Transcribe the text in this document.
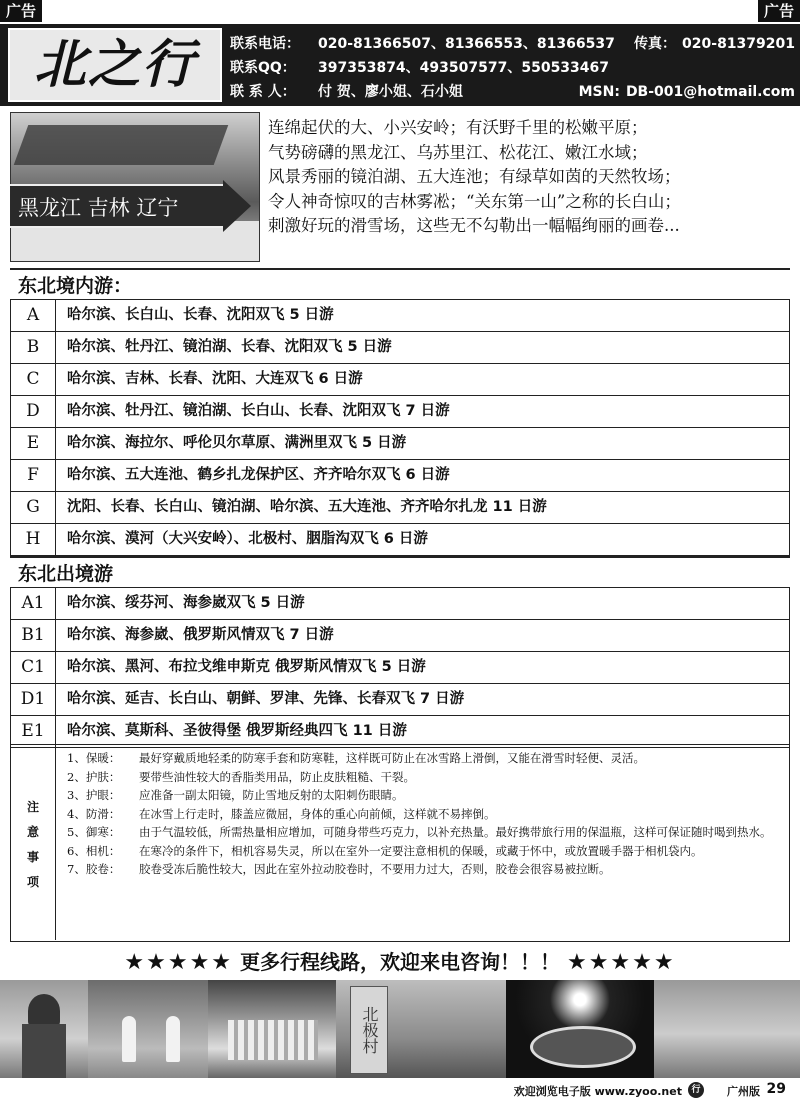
广告	广告
北之行	联系电话： 020-81366507、81366553、81366537 传真： 020-81379201
联系QQ： 397353874、493507577、550533467
联 系 人： 付 贺、廖小姐、石小姐	MSN: DB-001@hotmail.com
黑龙江 吉林 辽宁
连绵起伏的大、小兴安岭；有沃野千里的松嫩平原；
气势磅礴的黑龙江、乌苏里江、松花江、嫩江水域；
风景秀丽的镜泊湖、五大连池；有绿草如茵的天然牧场；
令人神奇惊叹的吉林雾凇；“关东第一山”之称的长白山；
刺激好玩的滑雪场，这些无不勾勒出一幅幅绚丽的画卷...
东北境内游：
A	哈尔滨、长白山、长春、沈阳双飞 5 日游
B	哈尔滨、牡丹江、镜泊湖、长春、沈阳双飞 5 日游
C	哈尔滨、吉林、长春、沈阳、大连双飞 6 日游
D	哈尔滨、牡丹江、镜泊湖、长白山、长春、沈阳双飞 7 日游
E	哈尔滨、海拉尔、呼伦贝尔草原、满洲里双飞 5 日游
F	哈尔滨、五大连池、鹤乡扎龙保护区、齐齐哈尔双飞 6 日游
G	沈阳、长春、长白山、镜泊湖、哈尔滨、五大连池、齐齐哈尔扎龙 11 日游
H	哈尔滨、漠河（大兴安岭）、北极村、胭脂沟双飞 6 日游
东北出境游
A1	哈尔滨、绥芬河、海参崴双飞 5 日游
B1	哈尔滨、海参崴、俄罗斯风情双飞 7 日游
C1	哈尔滨、黑河、布拉戈维申斯克 俄罗斯风情双飞 5 日游
D1	哈尔滨、延吉、长白山、朝鲜、罗津、先锋、长春双飞 7 日游
E1	哈尔滨、莫斯科、圣彼得堡 俄罗斯经典四飞 11 日游
注
意
事
项
1、保暖：	最好穿戴质地轻柔的防寒手套和防寒鞋，这样既可防止在冰雪路上滑倒，又能在滑雪时轻便、灵活。
2、护肤：	要带些油性较大的香脂类用品，防止皮肤粗糙、干裂。
3、护眼：	应准备一副太阳镜，防止雪地反射的太阳刺伤眼睛。
4、防滑：	在冰雪上行走时，膝盖应微屈，身体的重心向前倾，这样就不易摔倒。
5、御寒：	由于气温较低，所需热量相应增加，可随身带些巧克力，以补充热量。最好携带旅行用的保温瓶，这样可保证随时喝到热水。
6、相机：	在寒冷的条件下，相机容易失灵，所以在室外一定要注意相机的保暖，或藏于怀中，或放置暖手器于相机袋内。
7、胶卷：	胶卷受冻后脆性较大，因此在室外拉动胶卷时，不要用力过大，否则，胶卷会很容易被拉断。
★★★★★ 更多行程线路，欢迎来电咨询！！！ ★★★★★
北极村
欢迎浏览电子版 www.zyoo.net	行	广州版 29
